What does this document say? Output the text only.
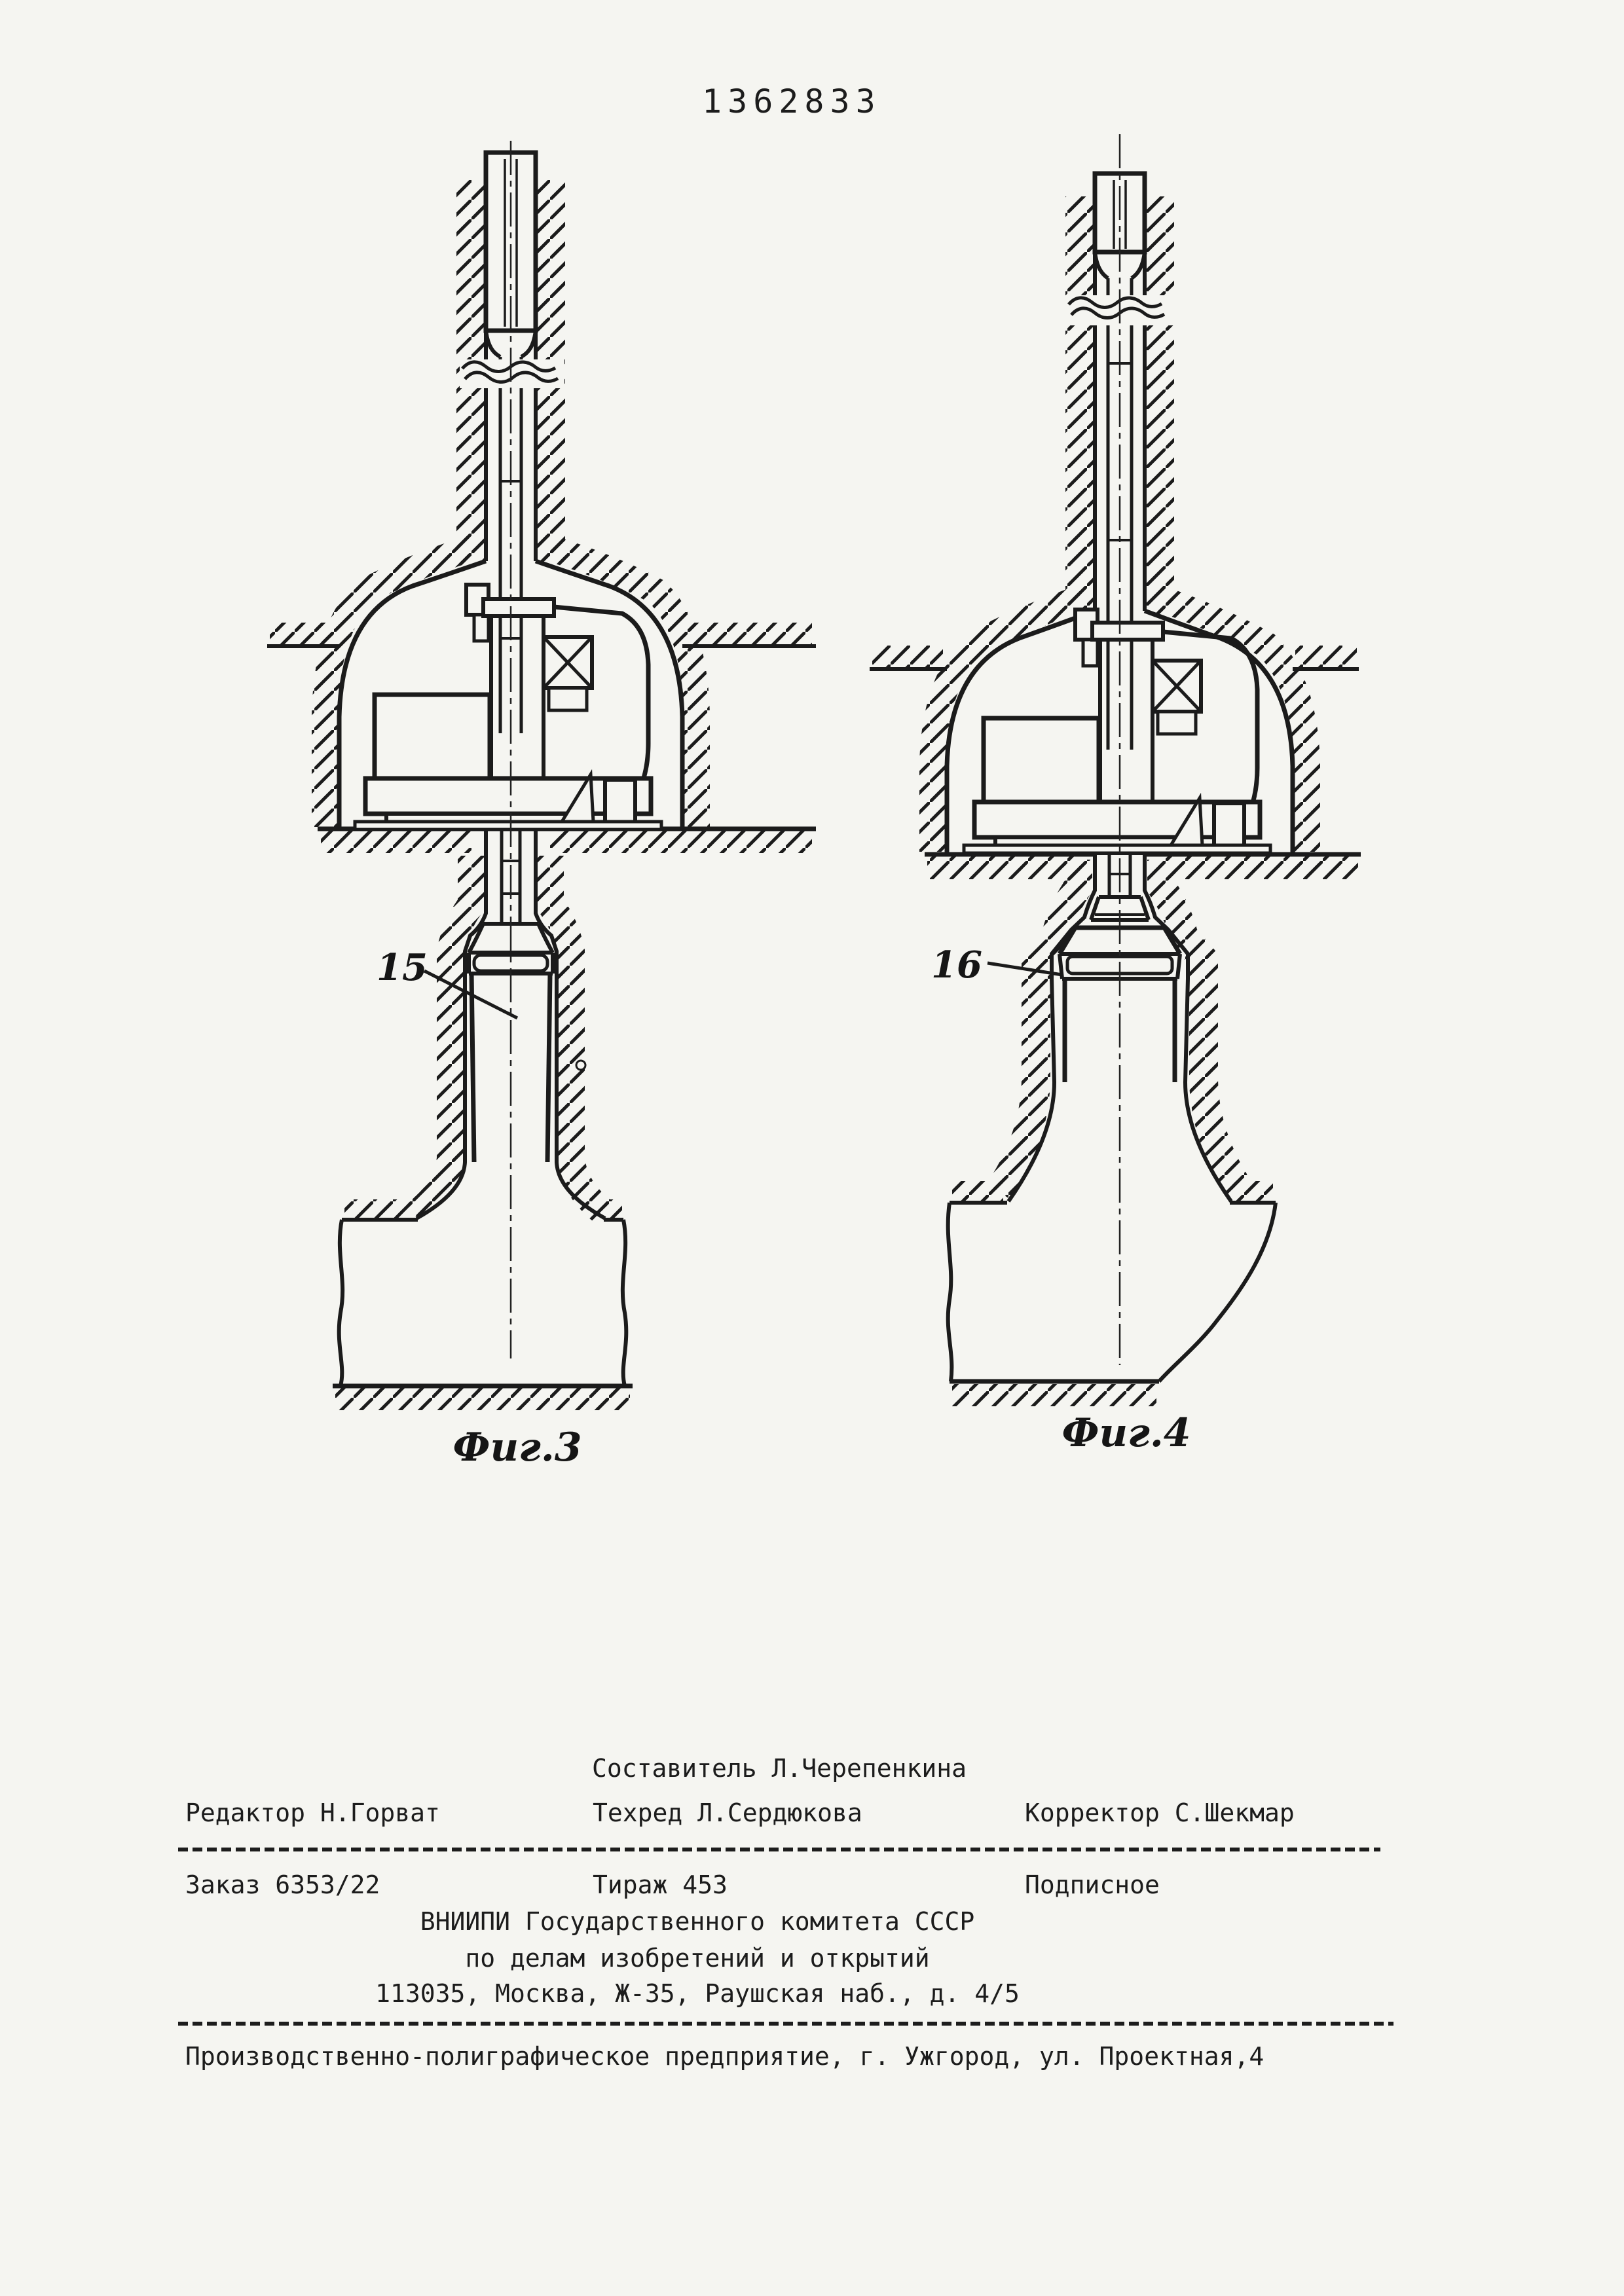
1362833
15
Фиг.3
16
Фиг.4
Составитель Л.Черепенкина
Редактор Н.Горват	Техред Л.Сердюкова	Корректор С.Шекмар
Заказ 6353/22	Тираж 453	Подписное
ВНИИПИ Государственного комитета СССР
по делам изобретений и открытий
113035, Москва, Ж-35, Раушская наб., д. 4/5
Производственно-полиграфическое предприятие, г. Ужгород, ул. Проектная,4
